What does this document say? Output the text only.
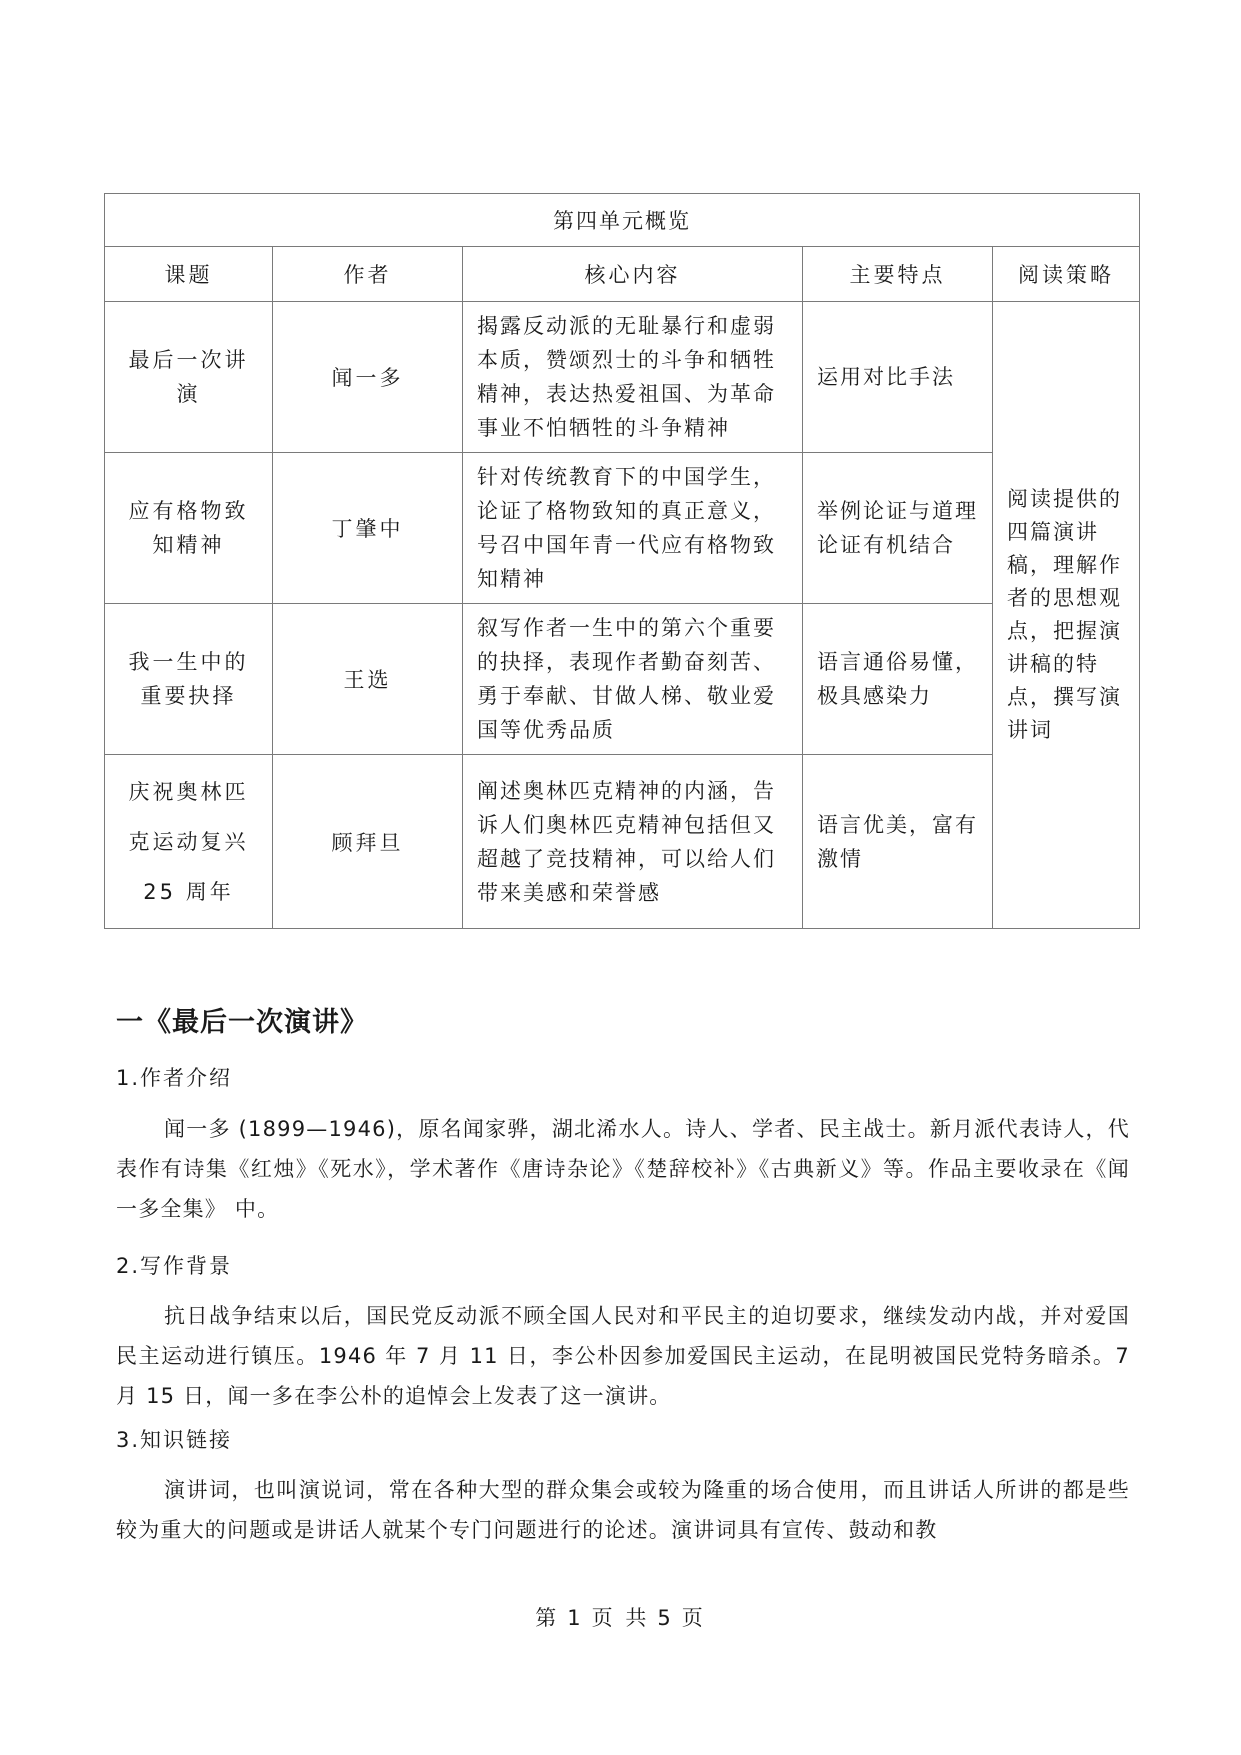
第四单元概览				
课题	作者	核心内容	主要特点	阅读策略
最后一次讲演	闻一多	揭露反动派的无耻暴行和虚弱本质，赞颂烈士的斗争和牺牲精神，表达热爱祖国、为革命事业不怕牺牲的斗争精神	运用对比手法	阅读提供的四篇演讲稿，理解作者的思想观点，把握演讲稿的特点，撰写演讲词
应有格物致知精神	丁肇中	针对传统教育下的中国学生，论证了格物致知的真正意义，号召中国年青一代应有格物致知精神	举例论证与道理论证有机结合	
我一生中的重要抉择	王选	叙写作者一生中的第六个重要的抉择，表现作者勤奋刻苦、勇于奉献、甘做人梯、敬业爱国等优秀品质	语言通俗易懂，极具感染力	
庆祝奥林匹克运动复兴 25 周年	顾拜旦	阐述奥林匹克精神的内涵，告诉人们奥林匹克精神包括但又超越了竞技精神，可以给人们带来美感和荣誉感	语言优美，富有激情	
一《最后一次演讲》
1.作者介绍
闻一多 (1899—1946)，原名闻家骅，湖北浠水人。诗人、学者、民主战士。新月派代表诗人，代表作有诗集《红烛》《死水》，学术著作《唐诗杂论》《楚辞校补》《古典新义》等。作品主要收录在《闻一多全集》 中。
2.写作背景
抗日战争结束以后，国民党反动派不顾全国人民对和平民主的迫切要求，继续发动内战，并对爱国民主运动进行镇压。1946 年 7 月 11 日，李公朴因参加爱国民主运动，在昆明被国民党特务暗杀。7 月 15 日，闻一多在李公朴的追悼会上发表了这一演讲。
3.知识链接
演讲词，也叫演说词，常在各种大型的群众集会或较为隆重的场合使用，而且讲话人所讲的都是些较为重大的问题或是讲话人就某个专门问题进行的论述。演讲词具有宣传、鼓动和教
第 1 页 共 5 页
